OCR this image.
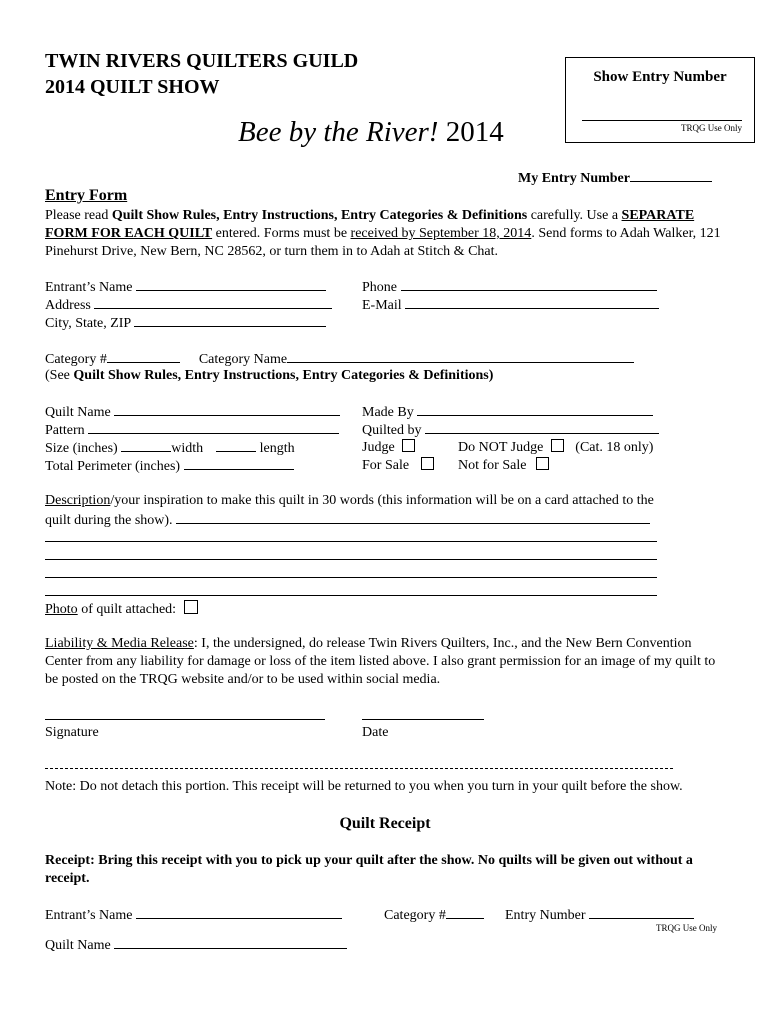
TWIN RIVERS QUILTERS GUILD
2014 QUILT SHOW
Bee by the River! 2014
Show Entry Number
TRQG Use Only
My Entry Number
Entry Form

Please read Quilt Show Rules, Entry Instructions, Entry Categories & Definitions carefully. Use a SEPARATE FORM FOR EACH QUILT entered. Forms must be received by September 18, 2014. Send forms to Adah Walker, 121 Pinehurst Drive, New Bern, NC 28562, or turn them in to Adah at Stitch & Chat.

Entrant’s Name
Address
City, State, ZIP
Phone
E-Mail
Category #	Category Name
(See Quilt Show Rules, Entry Instructions, Entry Categories & Definitions)
Quilt Name
Pattern
Size (inches)	width	length
Total Perimeter (inches)
Made By
Quilted by
Judge	Do NOT Judge (Cat. 18 only)
For Sale	Not for Sale
Description/your inspiration to make this quilt in 30 words (this information will be on a card attached to the
quilt during the show).
Photo of quilt attached:

Liability & Media Release: I, the undersigned, do release Twin Rivers Quilters, Inc., and the New Bern Convention Center from any liability for damage or loss of the item listed above. I also grant permission for an image of my quilt to be posted on the TRQG website and/or to be used within social media.

Signature	Date

Note: Do not detach this portion. This receipt will be returned to you when you turn in your quilt before the show.

Quilt Receipt

Receipt: Bring this receipt with you to pick up your quilt after the show. No quilts will be given out without a receipt.

Entrant’s Name	Category #	Entry Number
TRQG Use Only
Quilt Name
